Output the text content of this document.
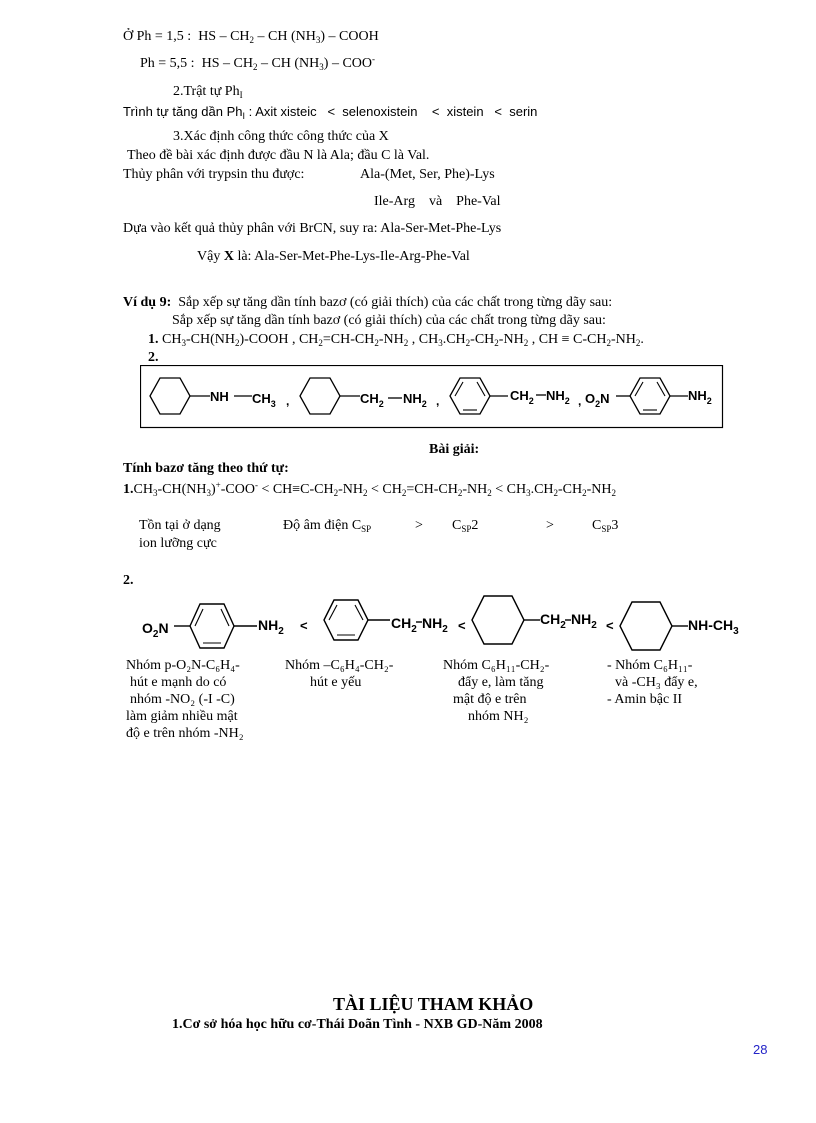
Ở Ph = 1,5 :  HS – $CH_2$ – CH $(NH_3)$ – COOH
Ph = 5,5 :  HS – $CH_2$ – CH $(NH_3) - COO^-$
2.Trật tự $Ph_I$
Trình tự tăng dần $Ph_I$ : Axit xisteic < selenoxistein < xistein < serin
3.Xác định công thức công thức của X
Theo đề bài xác định được đầu N là Ala; đầu C là Val.
Thủy phân với trypsin thu được:	Ala-(Met, Ser, Phe)-Lys
Ile-Arg    và    Phe-Val
Dựa vào kết quả thủy phân với BrCN, suy ra: Ala-Ser-Met-Phe-Lys
Vậy X là: Ala-Ser-Met-Phe-Lys-Ile-Arg-Phe-Val
Ví dụ 9: Sắp xếp sự tăng dần tính bazơ (có giải thích) của các chất trong từng dãy sau:
Sắp xếp sự tăng dần tính bazơ (có giải thích) của các chất trong từng dãy sau:
1. $CH_3-CH(NH_2)$-COOH , $CH_2=CH-CH_2-NH_2$ , $CH_3.CH_2-CH_2-NH_2$ , CH ≡ $C-CH_2-NH_2$.
2.
NH $CH_3$ ,	$CH_2$ $NH_2$ ,	$CH_2$ $NH_2$ , $O_2N$	$NH_2$
Bài giải:
Tính bazơ tăng theo thứ tự:
$1.CH_3-CH(NH_3)^+-COO^- < CH\equiv C-CH_2-NH_2 < CH_2=CH-CH_2-NH_2 < CH_3.CH_2-CH_2-NH_2$
Tồn tại ở dạng
ion lưỡng cực
Độ âm điện $C_{SP}$	> $C_{SP}2$	>	$C_{SP}3$
2.
$O_2N$	$NH_2$ <	$CH_2$ $NH_2$ <	$CH_2$ $NH_2$ <	$NH-CH_3$
Nhóm p-O₂N-C₆H₄-
hút e mạnh do có
nhóm -NO₂ (-I -C)
làm giảm nhiều mật
độ e trên nhóm -NH₂
Nhóm –C₆H₄-CH₂-
hút e yếu
Nhóm C₆H₁₁-CH₂-
đẩy e, làm tăng
mật độ e trên
nhóm NH₂
- Nhóm C₆H₁₁-
và -CH₃ đẩy e,
- Amin bậc II
TÀI LIỆU THAM KHẢO
1.Cơ sở hóa học hữu cơ-Thái Doãn Tình - NXB GD-Năm 2008
28
